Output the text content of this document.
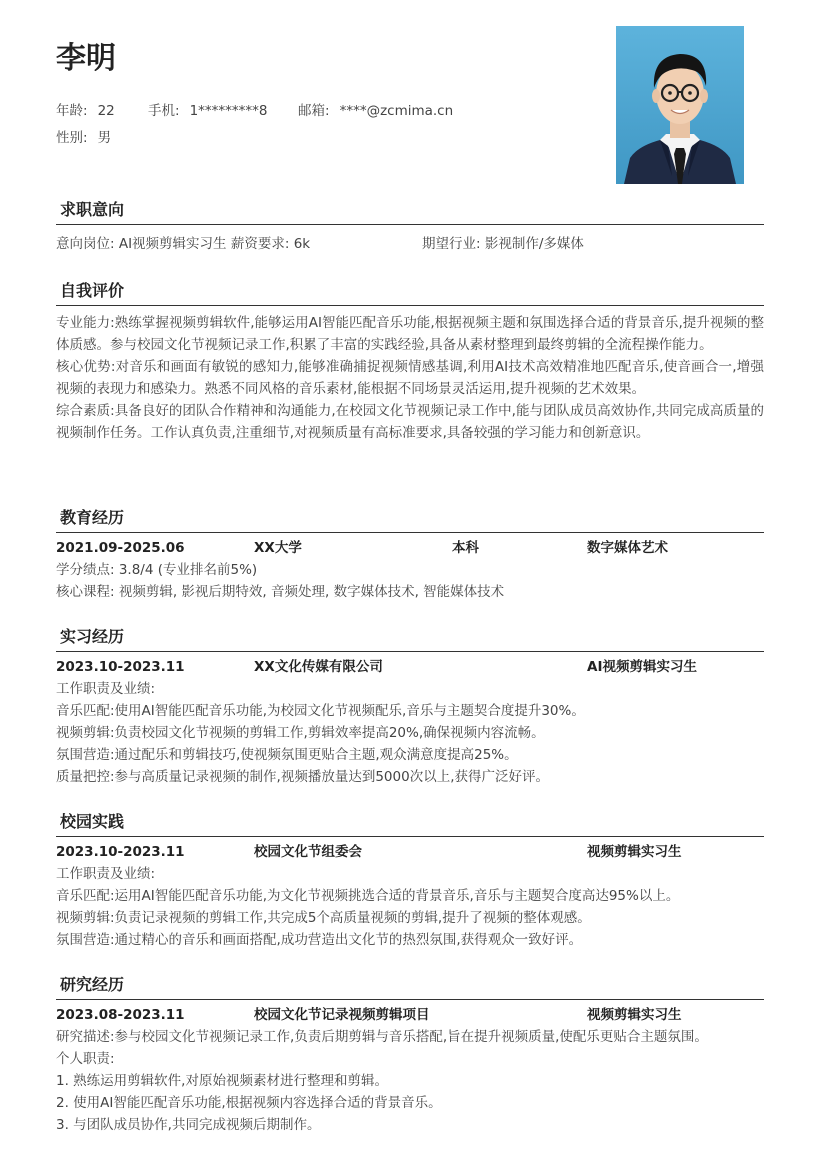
李明
年龄: 22 手机: 1*********8 邮箱: ****@zcmima.cn
性别: 男
求职意向
意向岗位: AI视频剪辑实习生 薪资要求: 6k	期望行业: 影视制作/多媒体
自我评价
专业能力:熟练掌握视频剪辑软件,能够运用AI智能匹配音乐功能,根据视频主题和氛围选择合适的背景音乐,提升视频的整体质感。参与校园文化节视频记录工作,积累了丰富的实践经验,具备从素材整理到最终剪辑的全流程操作能力。
核心优势:对音乐和画面有敏锐的感知力,能够准确捕捉视频情感基调,利用AI技术高效精准地匹配音乐,使音画合一,增强视频的表现力和感染力。熟悉不同风格的音乐素材,能根据不同场景灵活运用,提升视频的艺术效果。
综合素质:具备良好的团队合作精神和沟通能力,在校园文化节视频记录工作中,能与团队成员高效协作,共同完成高质量的视频制作任务。工作认真负责,注重细节,对视频质量有高标准要求,具备较强的学习能力和创新意识。
教育经历
2021.09-2025.06	XX大学	本科	数字媒体艺术
学分绩点: 3.8/4 (专业排名前5%)
核心课程: 视频剪辑, 影视后期特效, 音频处理, 数字媒体技术, 智能媒体技术
实习经历
2023.10-2023.11	XX文化传媒有限公司	AI视频剪辑实习生
工作职责及业绩:
音乐匹配:使用AI智能匹配音乐功能,为校园文化节视频配乐,音乐与主题契合度提升30%。
视频剪辑:负责校园文化节视频的剪辑工作,剪辑效率提高20%,确保视频内容流畅。
氛围营造:通过配乐和剪辑技巧,使视频氛围更贴合主题,观众满意度提高25%。
质量把控:参与高质量记录视频的制作,视频播放量达到5000次以上,获得广泛好评。
校园实践
2023.10-2023.11	校园文化节组委会	视频剪辑实习生
工作职责及业绩:
音乐匹配:运用AI智能匹配音乐功能,为文化节视频挑选合适的背景音乐,音乐与主题契合度高达95%以上。
视频剪辑:负责记录视频的剪辑工作,共完成5个高质量视频的剪辑,提升了视频的整体观感。
氛围营造:通过精心的音乐和画面搭配,成功营造出文化节的热烈氛围,获得观众一致好评。
研究经历
2023.08-2023.11	校园文化节记录视频剪辑项目	视频剪辑实习生
研究描述:参与校园文化节视频记录工作,负责后期剪辑与音乐搭配,旨在提升视频质量,使配乐更贴合主题氛围。
个人职责:
1. 熟练运用剪辑软件,对原始视频素材进行整理和剪辑。
2. 使用AI智能匹配音乐功能,根据视频内容选择合适的背景音乐。
3. 与团队成员协作,共同完成视频后期制作。
